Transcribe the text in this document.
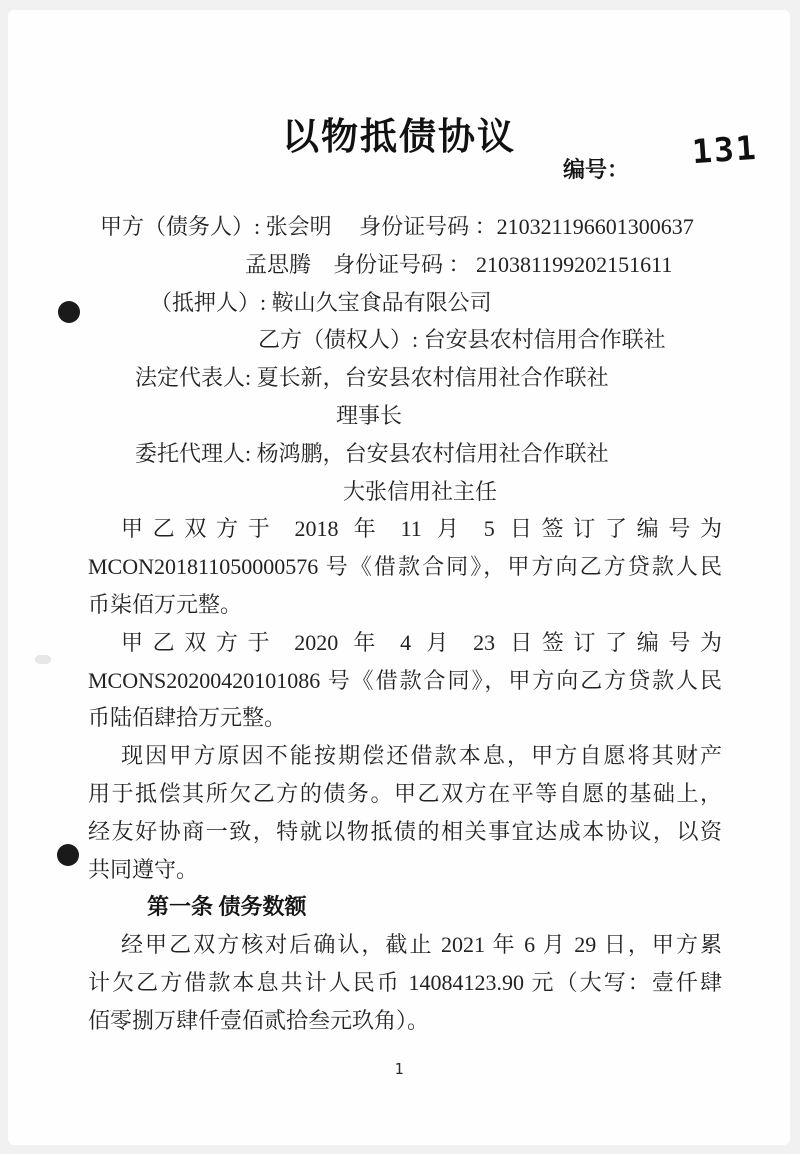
以物抵债协议
编号： 131
甲方（债务人）: 张会明　 身份证号码 ：210321196601300637
孟思腾　身份证号码 ： 210381199202151611
（抵押人）: 鞍山久宝食品有限公司
乙方（债权人）: 台安县农村信用合作联社
法定代表人: 夏长新，台安县农村信用社合作联社
理事长
委托代理人: 杨鸿鹏，台安县农村信用社合作联社
大张信用社主任
甲乙双方于 2018 年 11 月 5 日签订了编号为
MCON201811050000576 号《借款合同》，甲方向乙方贷款人民
币柒佰万元整。
甲乙双方于 2020 年 4 月 23 日签订了编号为
MCONS20200420101086 号《借款合同》，甲方向乙方贷款人民
币陆佰肆拾万元整。
现因甲方原因不能按期偿还借款本息，甲方自愿将其财产
用于抵偿其所欠乙方的债务。甲乙双方在平等自愿的基础上，
经友好协商一致，特就以物抵债的相关事宜达成本协议，以资
共同遵守。
第一条 债务数额
经甲乙双方核对后确认，截止 2021 年 6 月 29 日，甲方累
计欠乙方借款本息共计人民币 14084123.90 元（大写：壹仟肆
佰零捌万肆仟壹佰贰拾叁元玖角）。
1
